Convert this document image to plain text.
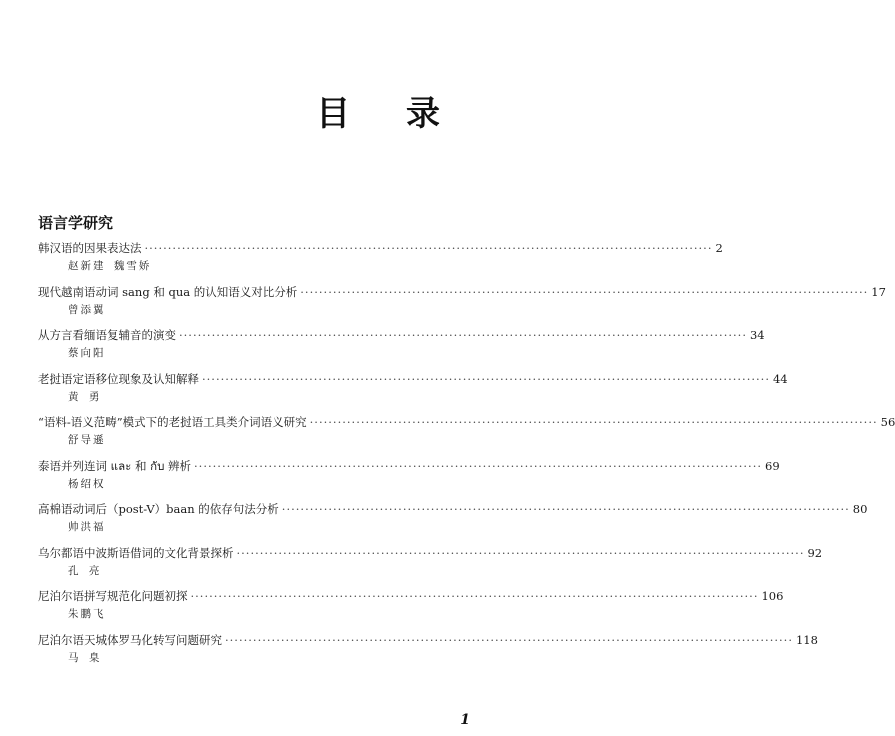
目 录
语言学研究
韩汉语的因果表达法 ·························································································································· 2
赵新建 魏雪娇
现代越南语动词 sang 和 qua 的认知语义对比分析 ·························································································································· 17
曾添翼
从方言看缅语复辅音的演变 ·························································································································· 34
蔡向阳
老挝语定语移位现象及认知解释 ·························································································································· 44
黄 勇
“语料-语义范畴”模式下的老挝语工具类介词语义研究 ·························································································································· 56
舒导遜
泰语并列连词 และ 和 กับ 辨析 ·························································································································· 69
杨绍权
高棉语动词后（post-V）baan 的依存句法分析 ·························································································································· 80
帅洪福
乌尔都语中波斯语借词的文化背景探析 ·························································································································· 92
孔 亮
尼泊尔语拼写规范化问题初探 ·························································································································· 106
朱鹏飞
尼泊尔语天城体罗马化转写问题研究 ·························································································································· 118
马 臬
1
